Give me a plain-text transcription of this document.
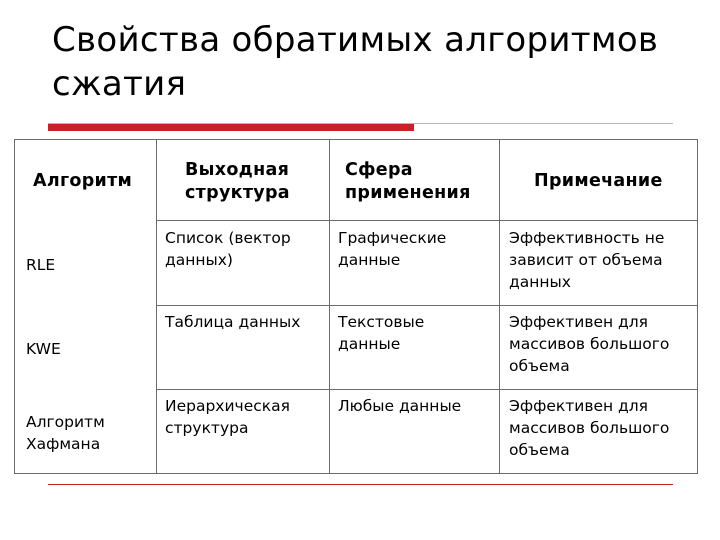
Свойства обратимых алгоритмов сжатия
Алгоритм
Выходная структура
Сфера применения
Примечание
RLE
Список (вектор данных)
Графические данные
Эффективность не зависит от объема данных
KWE
Таблица данных	Текстовые данные
Эффективен для массивов большого объема
Алгоритм Хафмана
Иерархическая структура
Любые данные	Эффективен для массивов большого объема
